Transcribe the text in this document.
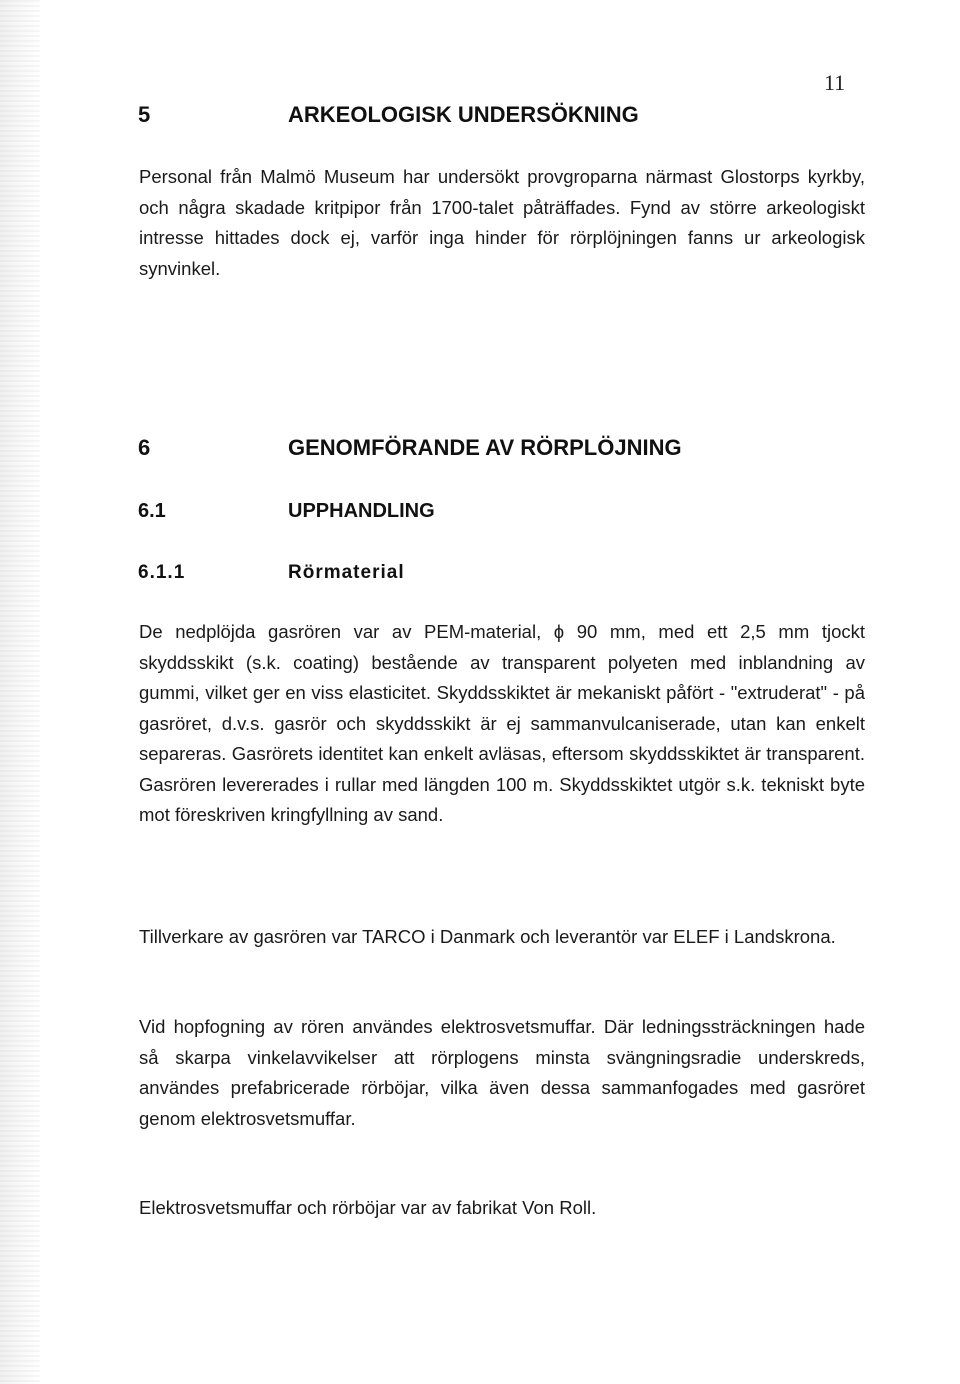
11
5	ARKEOLOGISK UNDERSÖKNING

Personal från Malmö Museum har undersökt provgroparna närmast Glostorps kyrkby, och några skadade kritpipor från 1700-talet påträffades. Fynd av större arkeologiskt intresse hittades dock ej, varför inga hinder för rörplöjningen fanns ur arkeologisk synvinkel.

6	GENOMFÖRANDE AV RÖRPLÖJNING
6.1	UPPHANDLING
6.1.1	Rörmaterial

De nedplöjda gasrören var av PEM-material, ϕ 90 mm, med ett 2,5 mm tjockt skyddsskikt (s.k. coating) bestående av transparent polyeten med inblandning av gummi, vilket ger en viss elasticitet. Skyddsskiktet är mekaniskt påfört - "extruderat" - på gasröret, d.v.s. gasrör och skyddsskikt är ej sammanvulcaniserade, utan kan enkelt separeras. Gasrörets identitet kan enkelt avläsas, eftersom skyddsskiktet är transparent. Gasrören levererades i rullar med längden 100 m. Skyddsskiktet utgör s.k. tekniskt byte mot föreskriven kringfyllning av sand.

Tillverkare av gasrören var TARCO i Danmark och leverantör var ELEF i Landskrona.

Vid hopfogning av rören användes elektrosvetsmuffar. Där ledningssträckningen hade så skarpa vinkelavvikelser att rörplogens minsta svängningsradie underskreds, användes prefabricerade rörböjar, vilka även dessa sammanfogades med gasröret genom elektrosvetsmuffar.

Elektrosvetsmuffar och rörböjar var av fabrikat Von Roll.
